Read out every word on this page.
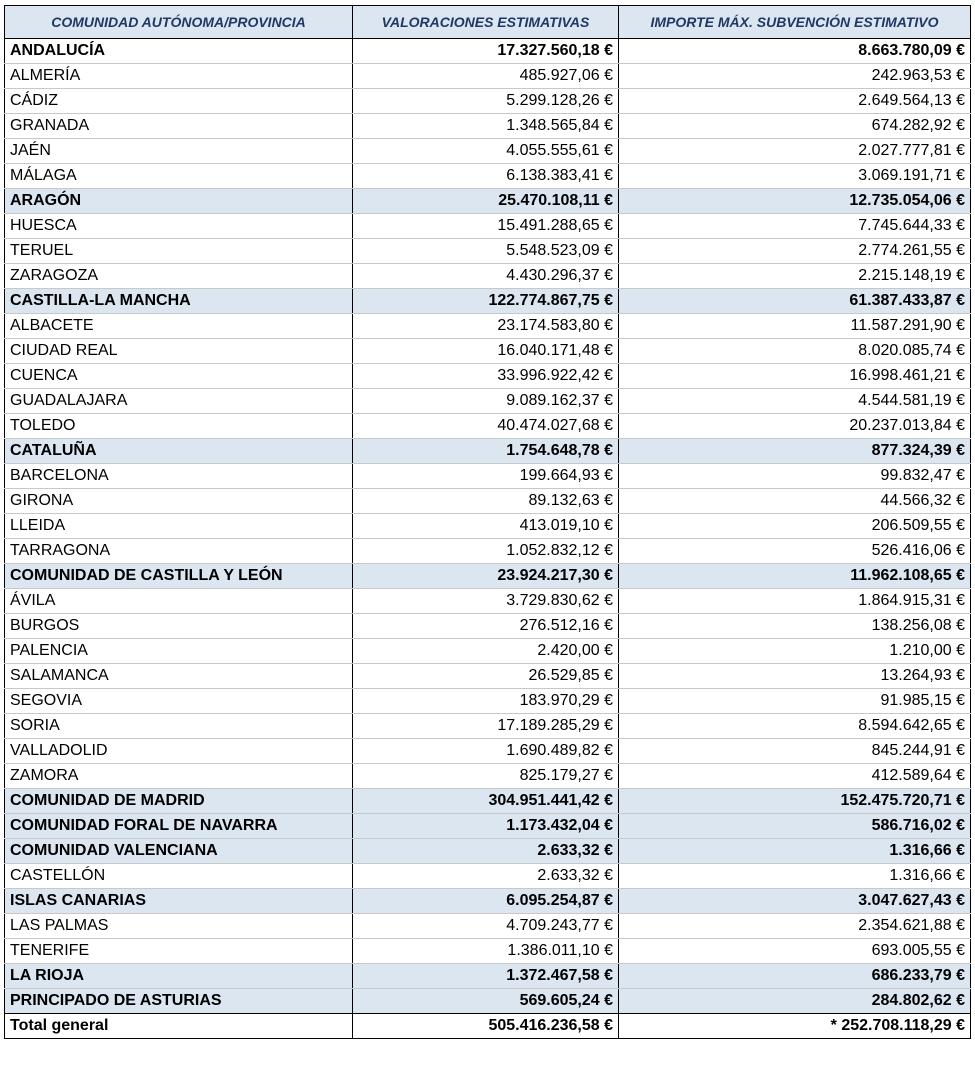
COMUNIDAD AUTÓNOMA/PROVINCIA	VALORACIONES ESTIMATIVAS	IMPORTE MÁX. SUBVENCIÓN ESTIMATIVO
ANDALUCÍA	17.327.560,18 €	8.663.780,09 €
ALMERÍA	485.927,06 €	242.963,53 €
CÁDIZ	5.299.128,26 €	2.649.564,13 €
GRANADA	1.348.565,84 €	674.282,92 €
JAÉN	4.055.555,61 €	2.027.777,81 €
MÁLAGA	6.138.383,41 €	3.069.191,71 €
ARAGÓN	25.470.108,11 €	12.735.054,06 €
HUESCA	15.491.288,65 €	7.745.644,33 €
TERUEL	5.548.523,09 €	2.774.261,55 €
ZARAGOZA	4.430.296,37 €	2.215.148,19 €
CASTILLA-LA MANCHA	122.774.867,75 €	61.387.433,87 €
ALBACETE	23.174.583,80 €	11.587.291,90 €
CIUDAD REAL	16.040.171,48 €	8.020.085,74 €
CUENCA	33.996.922,42 €	16.998.461,21 €
GUADALAJARA	9.089.162,37 €	4.544.581,19 €
TOLEDO	40.474.027,68 €	20.237.013,84 €
CATALUÑA	1.754.648,78 €	877.324,39 €
BARCELONA	199.664,93 €	99.832,47 €
GIRONA	89.132,63 €	44.566,32 €
LLEIDA	413.019,10 €	206.509,55 €
TARRAGONA	1.052.832,12 €	526.416,06 €
COMUNIDAD DE CASTILLA Y LEÓN	23.924.217,30 €	11.962.108,65 €
ÁVILA	3.729.830,62 €	1.864.915,31 €
BURGOS	276.512,16 €	138.256,08 €
PALENCIA	2.420,00 €	1.210,00 €
SALAMANCA	26.529,85 €	13.264,93 €
SEGOVIA	183.970,29 €	91.985,15 €
SORIA	17.189.285,29 €	8.594.642,65 €
VALLADOLID	1.690.489,82 €	845.244,91 €
ZAMORA	825.179,27 €	412.589,64 €
COMUNIDAD DE MADRID	304.951.441,42 €	152.475.720,71 €
COMUNIDAD FORAL DE NAVARRA	1.173.432,04 €	586.716,02 €
COMUNIDAD VALENCIANA	2.633,32 €	1.316,66 €
CASTELLÓN	2.633,32 €	1.316,66 €
ISLAS CANARIAS	6.095.254,87 €	3.047.627,43 €
LAS PALMAS	4.709.243,77 €	2.354.621,88 €
TENERIFE	1.386.011,10 €	693.005,55 €
LA RIOJA	1.372.467,58 €	686.233,79 €
PRINCIPADO DE ASTURIAS	569.605,24 €	284.802,62 €
Total general	505.416.236,58 €	* 252.708.118,29 €
